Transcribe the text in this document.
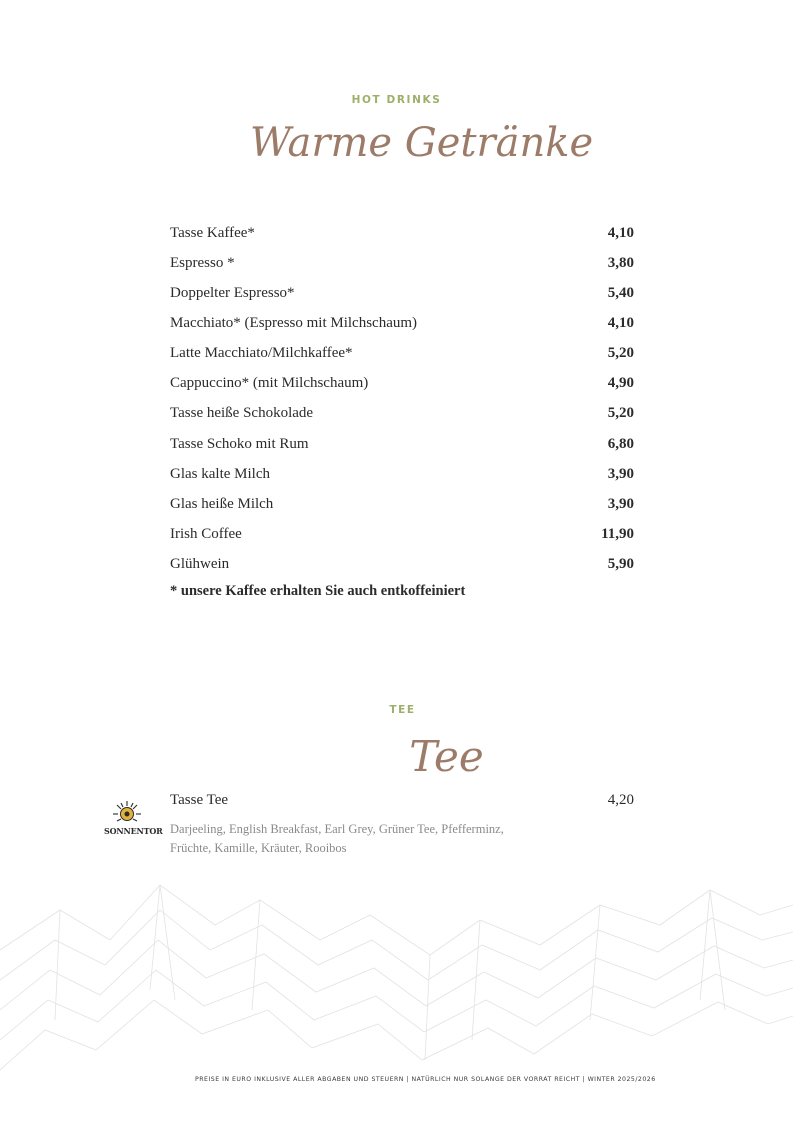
HOT DRINKS
Warme Getränke
Tasse Kaffee*	4,10
Espresso *	3,80
Doppelter Espresso*	5,40
Macchiato* (Espresso mit Milchschaum)	4,10
Latte Macchiato/Milchkaffee*	5,20
Cappuccino* (mit Milchschaum)	4,90
Tasse heiße Schokolade	5,20
Tasse Schoko mit Rum	6,80
Glas kalte Milch	3,90
Glas heiße Milch	3,90
Irish Coffee	11,90
Glühwein	5,90
* unsere Kaffee erhalten Sie auch entkoffeiniert
TEE
Tee
SONNENTOR
Tasse Tee	4,20
Darjeeling, English Breakfast, Earl Grey, Grüner Tee, Pfefferminz,
Früchte, Kamille, Kräuter, Rooibos
PREISE IN EURO INKLUSIVE ALLER ABGABEN UND STEUERN | NATÜRLICH NUR SOLANGE DER VORRAT REICHT | WINTER 2025/2026
